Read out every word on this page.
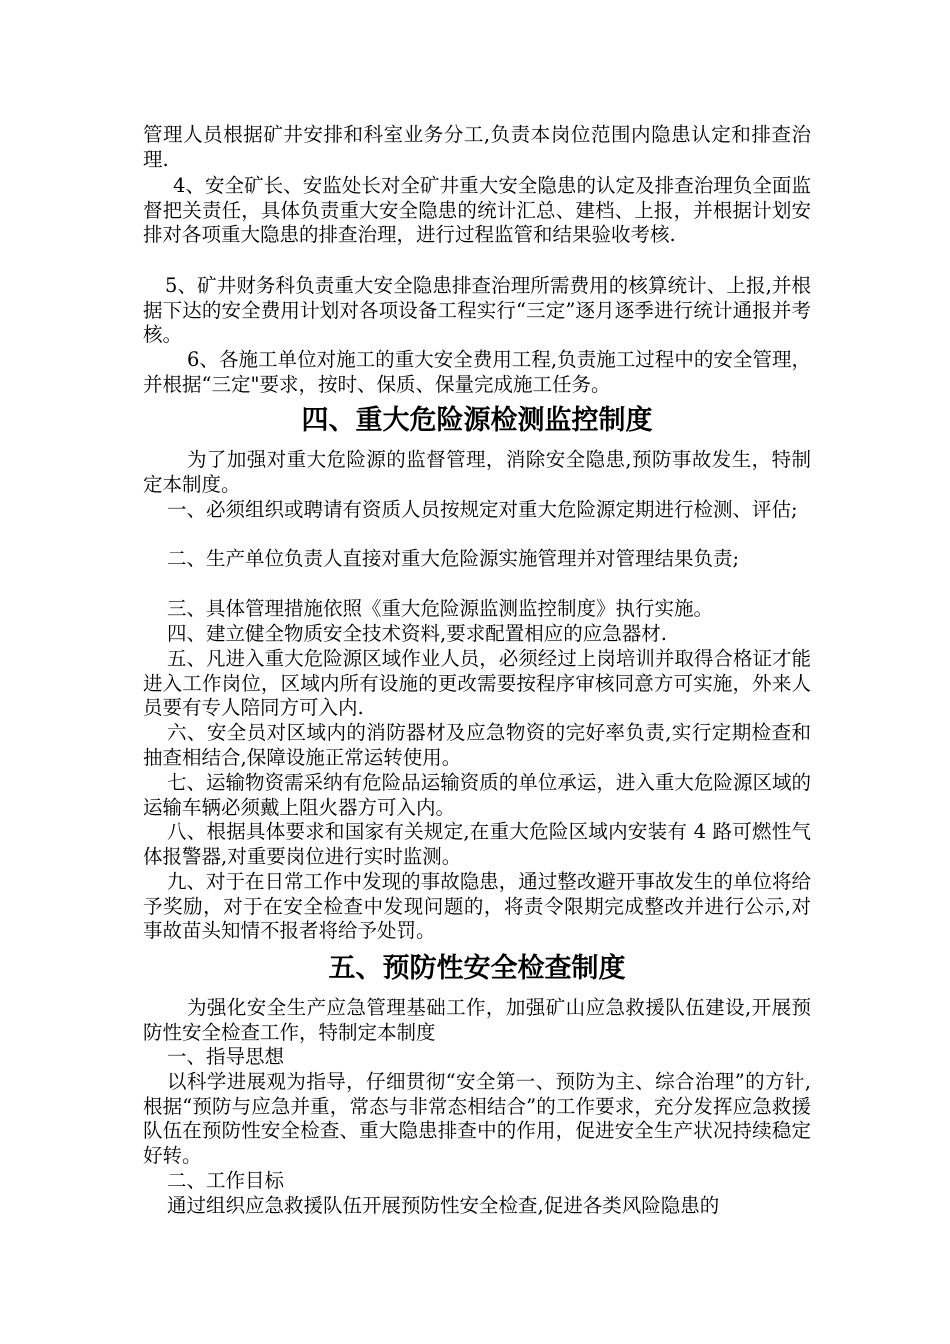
管理人员根据矿井安排和科室业务分工,负责本岗位范围内隐患认定和排查治理.

4、安全矿长、安监处长对全矿井重大安全隐患的认定及排查治理负全面监督把关责任，具体负责重大安全隐患的统计汇总、建档、上报，并根据计划安排对各项重大隐患的排查治理，进行过程监管和结果验收考核.

5、矿井财务科负责重大安全隐患排查治理所需费用的核算统计、上报,并根据下达的安全费用计划对各项设备工程实行“三定”逐月逐季进行统计通报并考核。

6、各施工单位对施工的重大安全费用工程,负责施工过程中的安全管理，并根据“三定"要求，按时、保质、保量完成施工任务。

四、重大危险源检测监控制度

为了加强对重大危险源的监督管理，消除安全隐患,预防事故发生，特制定本制度。

一、必须组织或聘请有资质人员按规定对重大危险源定期进行检测、评估;

二、生产单位负责人直接对重大危险源实施管理并对管理结果负责;

三、具体管理措施依照《重大危险源监测监控制度》执行实施。

四、建立健全物质安全技术资料,要求配置相应的应急器材.

五、凡进入重大危险源区域作业人员，必须经过上岗培训并取得合格证才能进入工作岗位，区域内所有设施的更改需要按程序审核同意方可实施，外来人员要有专人陪同方可入内.

六、安全员对区域内的消防器材及应急物资的完好率负责,实行定期检查和抽查相结合,保障设施正常运转使用。

七、运输物资需采纳有危险品运输资质的单位承运，进入重大危险源区域的运输车辆必须戴上阻火器方可入内。

八、根据具体要求和国家有关规定,在重大危险区域内安装有 4 路可燃性气体报警器,对重要岗位进行实时监测。

九、对于在日常工作中发现的事故隐患，通过整改避开事故发生的单位将给予奖励，对于在安全检查中发现问题的，将责令限期完成整改并进行公示,对事故苗头知情不报者将给予处罚。

五、预防性安全检查制度

为强化安全生产应急管理基础工作，加强矿山应急救援队伍建设,开展预防性安全检查工作，特制定本制度

一、指导思想

以科学进展观为指导，仔细贯彻“安全第一、预防为主、综合治理”的方针,根据“预防与应急并重，常态与非常态相结合”的工作要求，充分发挥应急救援队伍在预防性安全检查、重大隐患排查中的作用，促进安全生产状况持续稳定好转。

二、工作目标

通过组织应急救援队伍开展预防性安全检查,促进各类风险隐患的
